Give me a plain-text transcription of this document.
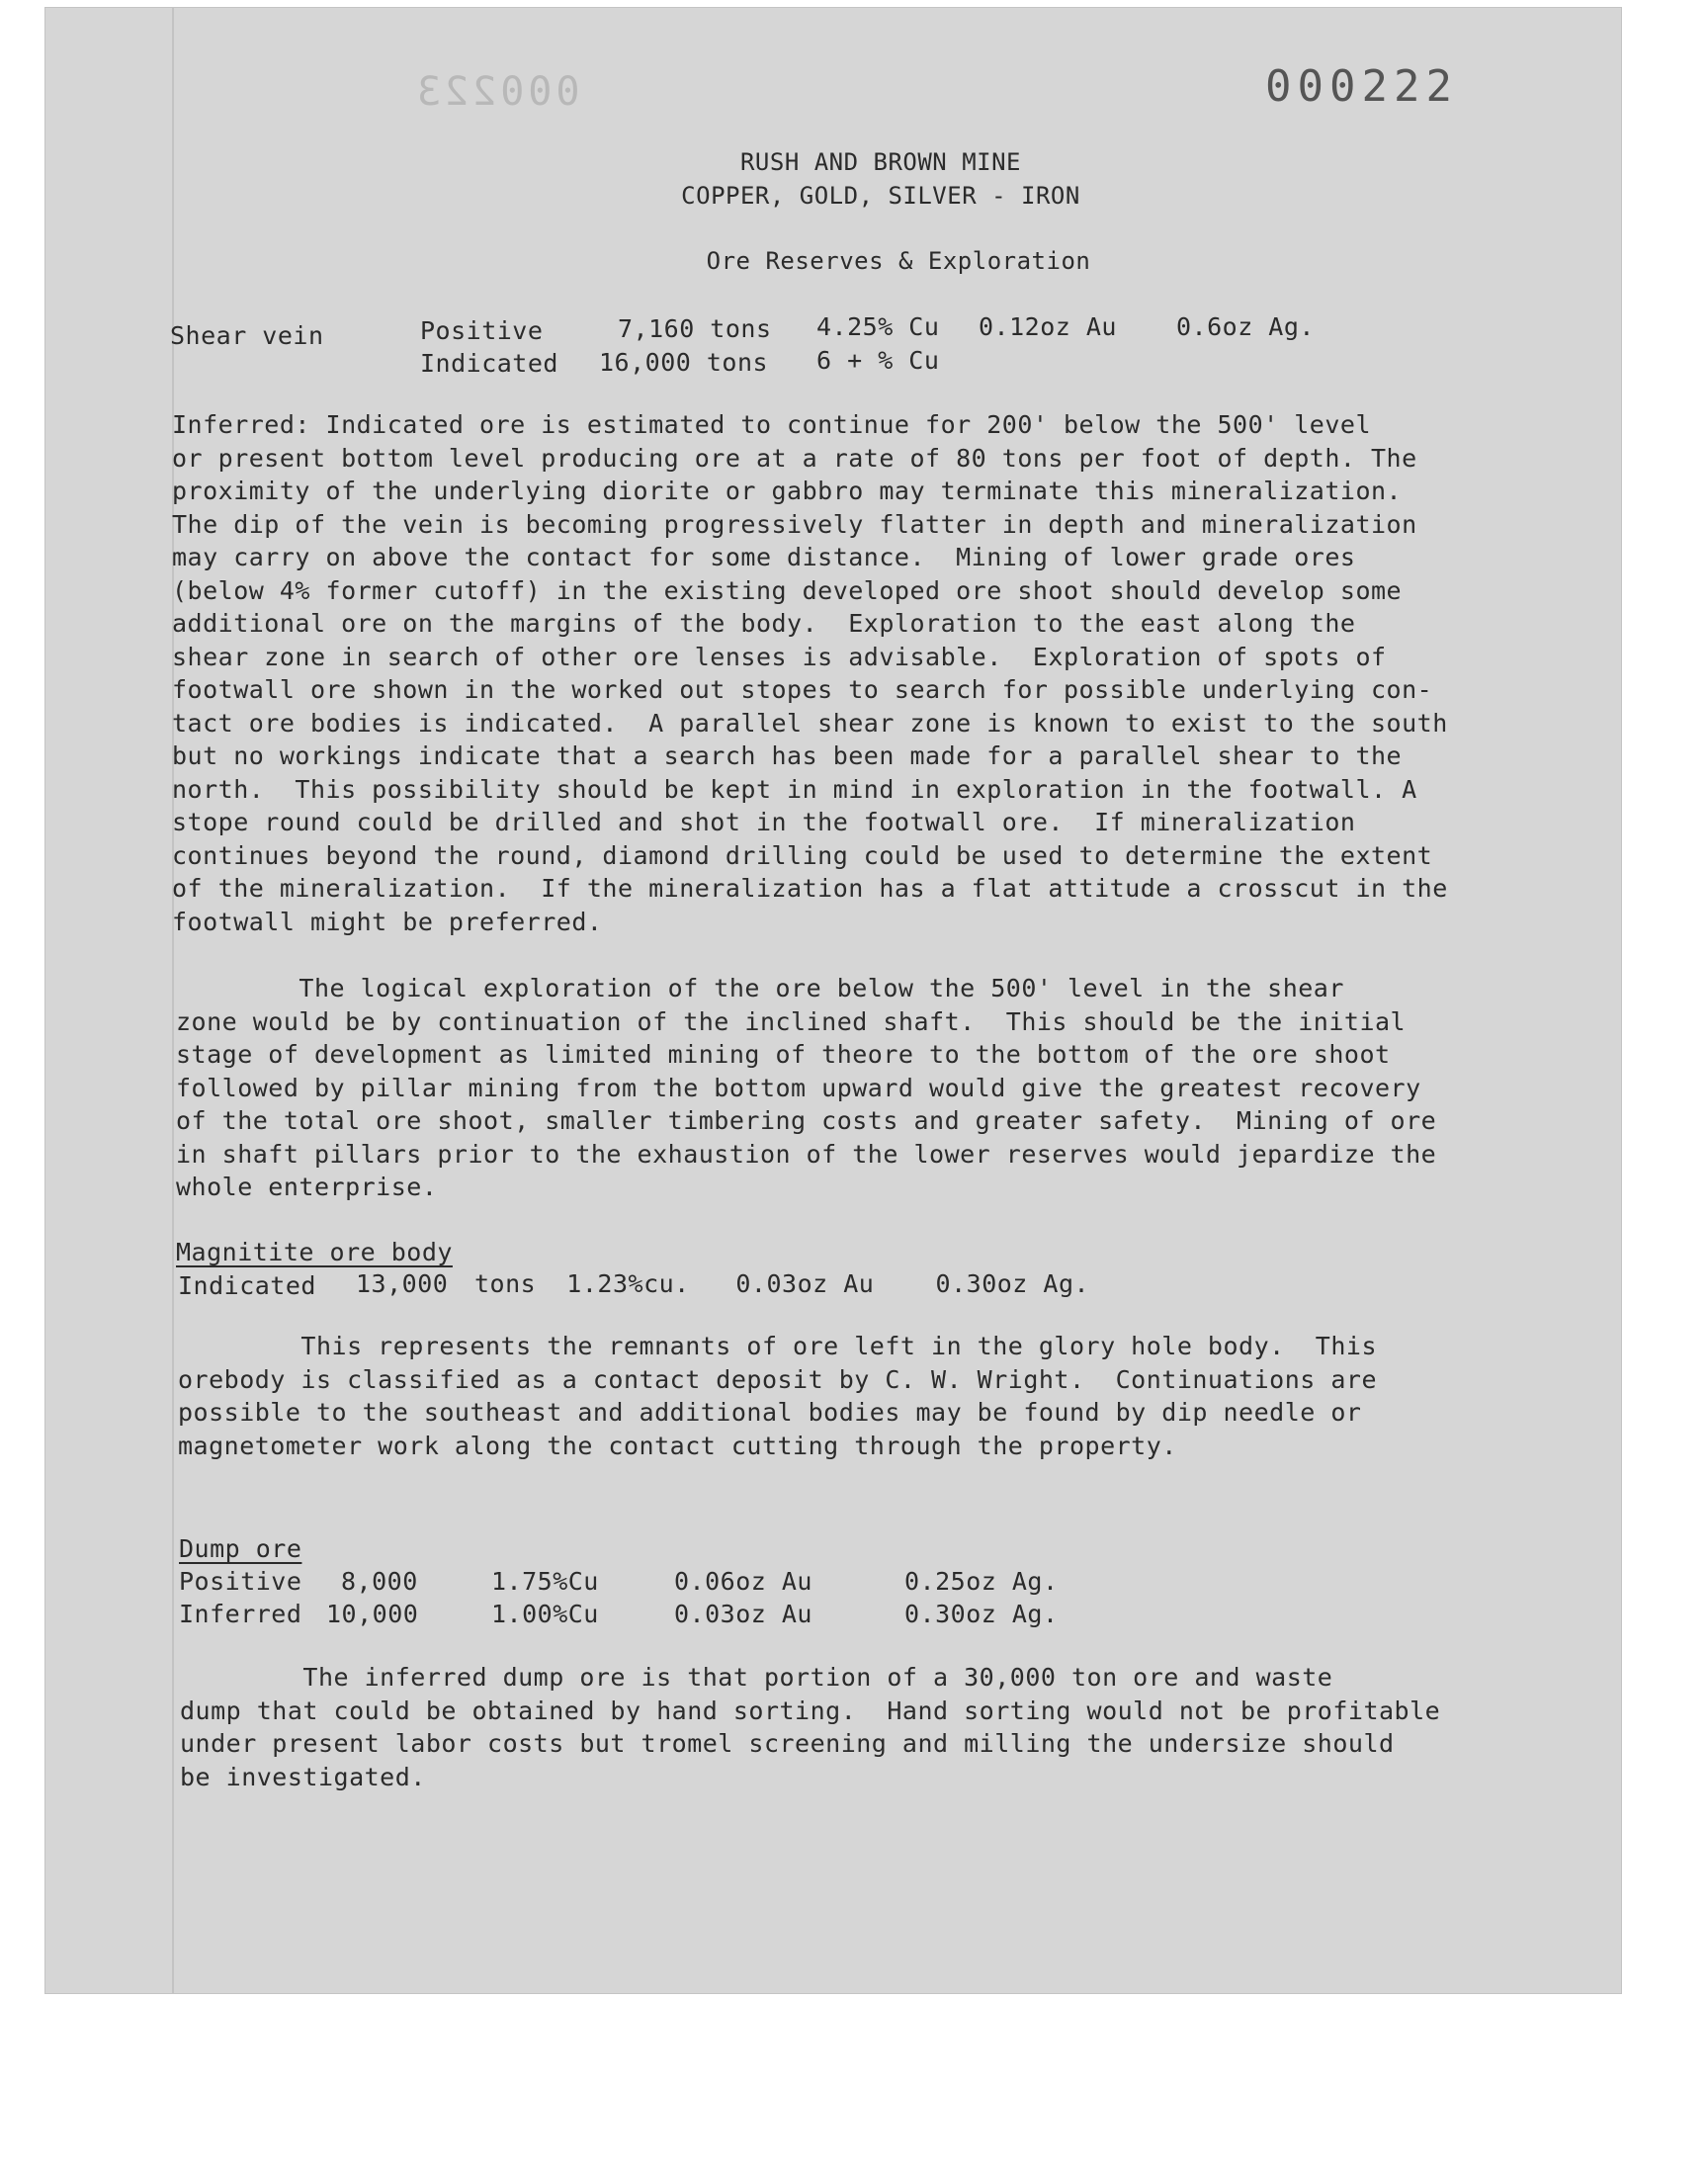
000223	000222
RUSH AND BROWN MINE
COPPER, GOLD, SILVER - IRON
Ore Reserves & Exploration
Shear vein	Positive	7,160 tons 4.25% Cu 0.12oz Au 0.6oz Ag.
Indicated 16,000 tons 6 + % Cu
Inferred: Indicated ore is estimated to continue for 200' below the 500' level
or present bottom level producing ore at a rate of 80 tons per foot of depth. The
proximity of the underlying diorite or gabbro may terminate this mineralization.
The dip of the vein is becoming progressively flatter in depth and mineralization
may carry on above the contact for some distance.  Mining of lower grade ores
(below 4% former cutoff) in the existing developed ore shoot should develop some
additional ore on the margins of the body.  Exploration to the east along the
shear zone in search of other ore lenses is advisable.  Exploration of spots of
footwall ore shown in the worked out stopes to search for possible underlying con-
tact ore bodies is indicated.  A parallel shear zone is known to exist to the south
but no workings indicate that a search has been made for a parallel shear to the
north.  This possibility should be kept in mind in exploration in the footwall. A
stope round could be drilled and shot in the footwall ore.  If mineralization
continues beyond the round, diamond drilling could be used to determine the extent
of the mineralization.  If the mineralization has a flat attitude a crosscut in the
footwall might be preferred.
The logical exploration of the ore below the 500' level in the shear
zone would be by continuation of the inclined shaft.  This should be the initial
stage of development as limited mining of theore to the bottom of the ore shoot
followed by pillar mining from the bottom upward would give the greatest recovery
of the total ore shoot, smaller timbering costs and greater safety.  Mining of ore
in shaft pillars prior to the exhaustion of the lower reserves would jepardize the
whole enterprise.
Magnitite ore body
Indicated 13,000 tons  1.23%cu.   0.03oz Au    0.30oz Ag.
This represents the remnants of ore left in the glory hole body.  This
orebody is classified as a contact deposit by C. W. Wright.  Continuations are
possible to the southeast and additional bodies may be found by dip needle or
magnetometer work along the contact cutting through the property.
Dump ore
Positive 8,000	1.75%Cu	0.06oz Au	0.25oz Ag.
Inferred 10,000	1.00%Cu	0.03oz Au	0.30oz Ag.
The inferred dump ore is that portion of a 30,000 ton ore and waste
dump that could be obtained by hand sorting.  Hand sorting would not be profitable
under present labor costs but tromel screening and milling the undersize should
be investigated.
